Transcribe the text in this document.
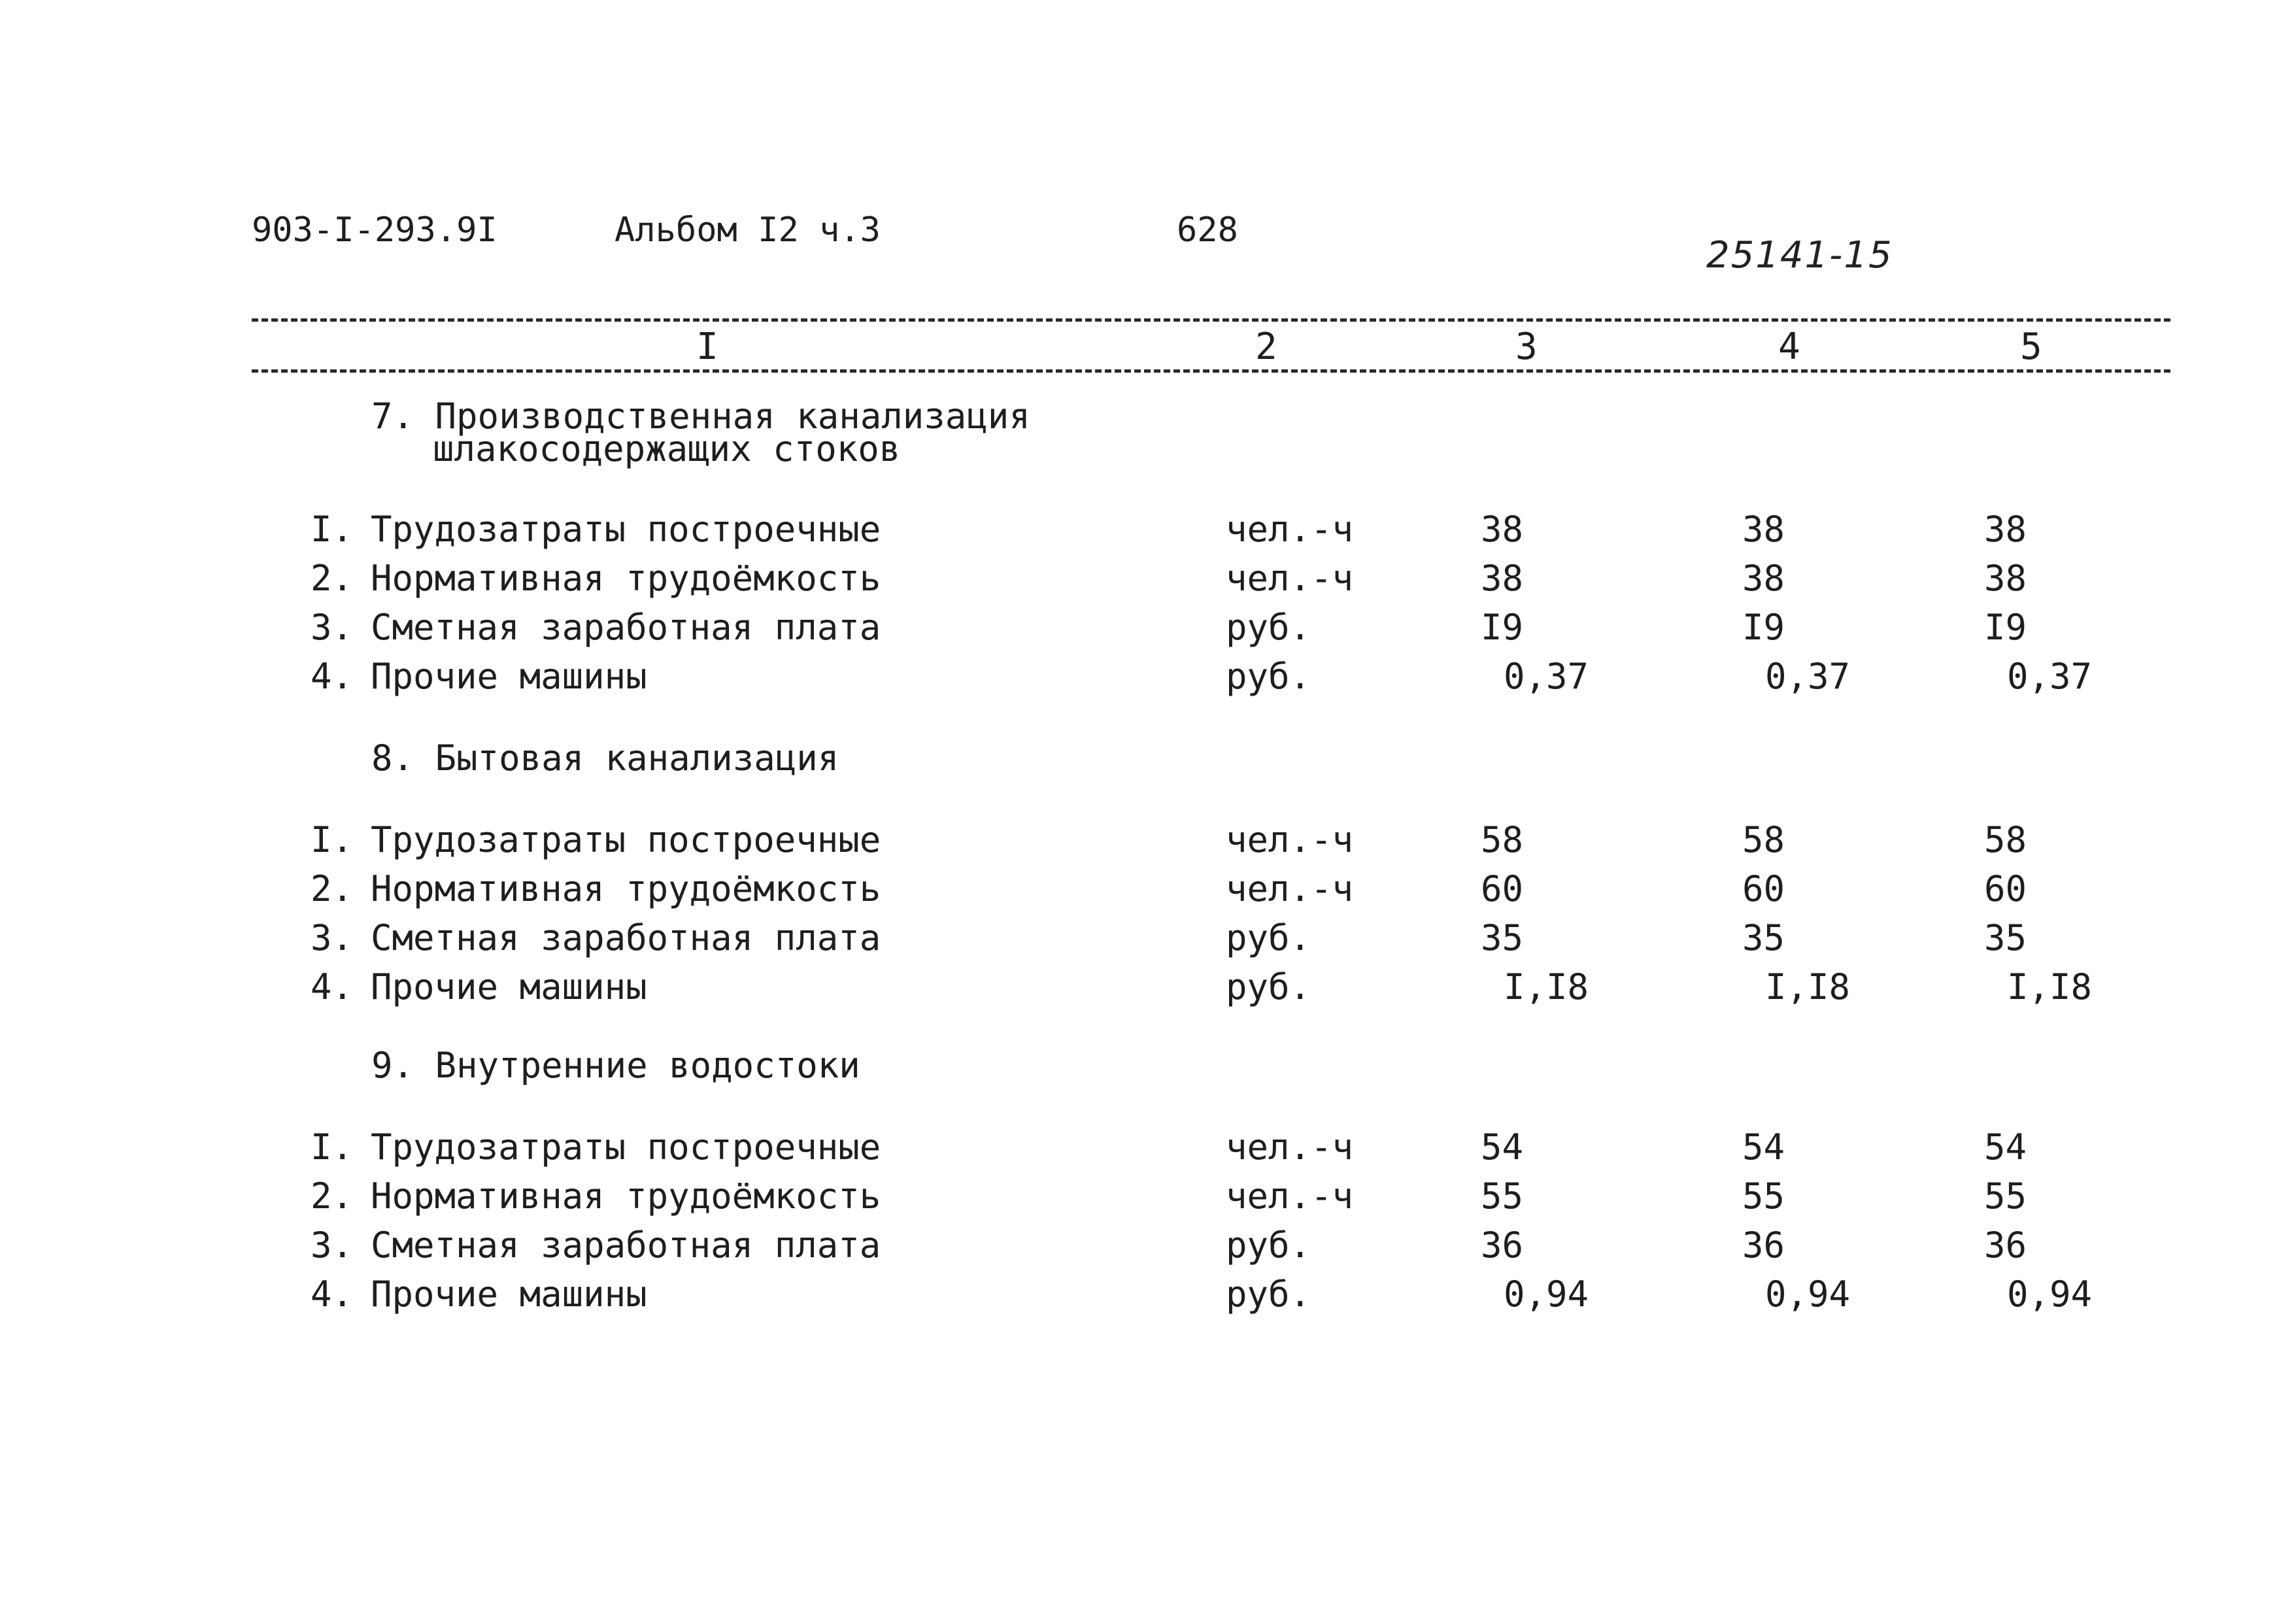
903-I-293.9I	Альбом I2 ч.3	628
25141-15
I	2	3	4	5
7. Производственная канализация
шлакосодержащих стоков
I. Трудозатраты построечные	чел.-ч	38	38	38
2. Нормативная трудоёмкость	чел.-ч	38	38	38
3. Сметная заработная плата	руб.	I9	I9	I9
4. Прочие машины	руб.	0,37	0,37	0,37
8. Бытовая канализация
I. Трудозатраты построечные	чел.-ч	58	58	58
2. Нормативная трудоёмкость	чел.-ч	60	60	60
3. Сметная заработная плата	руб.	35	35	35
4. Прочие машины	руб.	I,I8	I,I8	I,I8
9. Внутренние водостоки
I. Трудозатраты построечные	чел.-ч	54	54	54
2. Нормативная трудоёмкость	чел.-ч	55	55	55
3. Сметная заработная плата	руб.	36	36	36
4. Прочие машины	руб.	0,94	0,94	0,94
